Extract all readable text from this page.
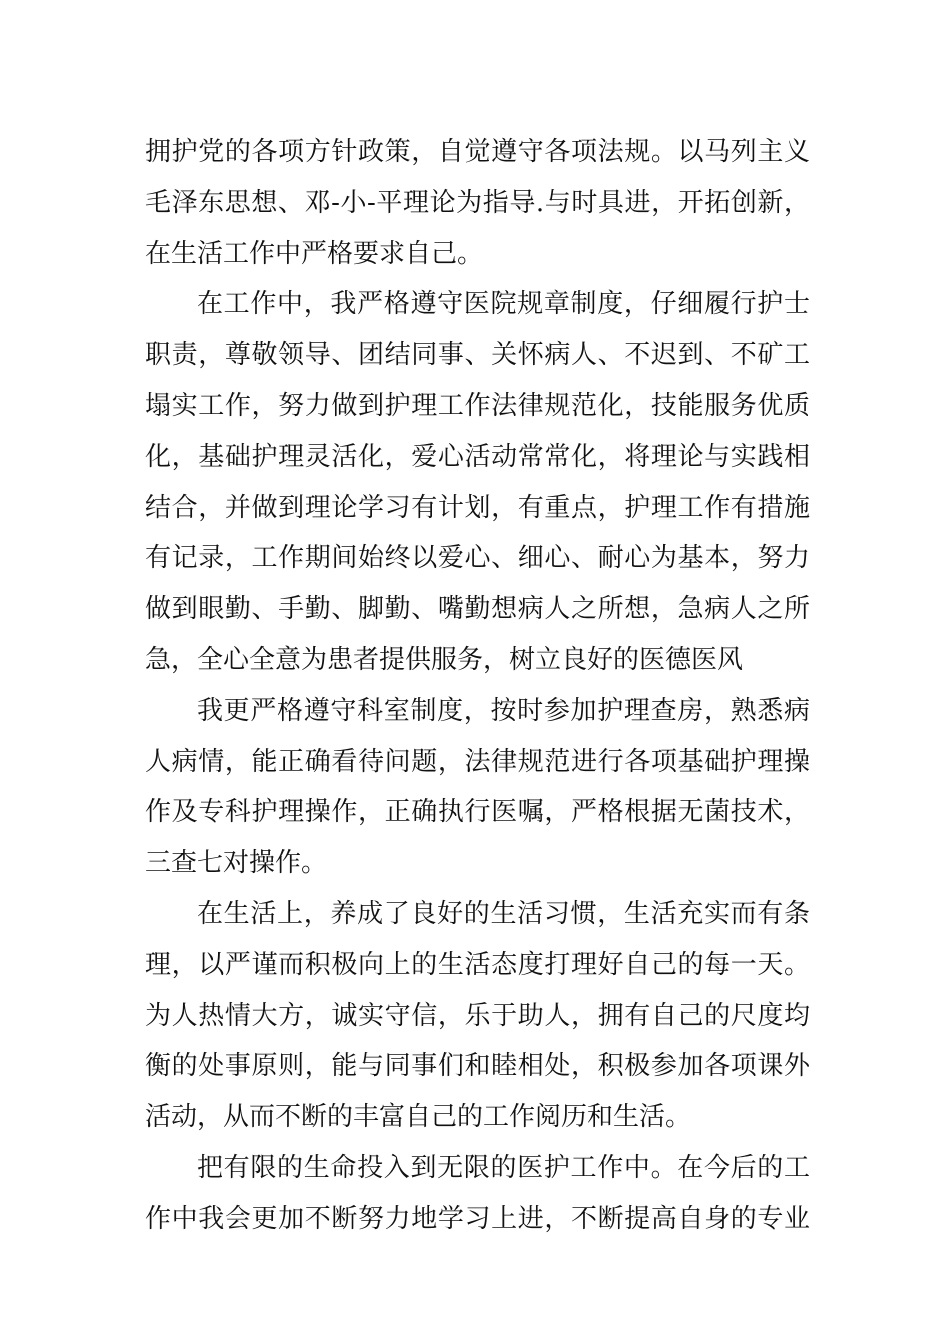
拥护党的各项方针政策，自觉遵守各项法规。以马列主义
毛泽东思想、邓-小-平理论为指导.与时具进，开拓创新，
在生活工作中严格要求自己。
在工作中，我严格遵守医院规章制度，仔细履行护士
职责，尊敬领导、团结同事、关怀病人、不迟到、不矿工
塌实工作，努力做到护理工作法律规范化，技能服务优质
化，基础护理灵活化，爱心活动常常化，将理论与实践相
结合，并做到理论学习有计划，有重点，护理工作有措施
有记录，工作期间始终以爱心、细心、耐心为基本，努力
做到眼勤、手勤、脚勤、嘴勤想病人之所想，急病人之所
急，全心全意为患者提供服务，树立良好的医德医风
我更严格遵守科室制度，按时参加护理查房，熟悉病
人病情，能正确看待问题，法律规范进行各项基础护理操
作及专科护理操作，正确执行医嘱，严格根据无菌技术，
三查七对操作。
在生活上，养成了良好的生活习惯，生活充实而有条
理，以严谨而积极向上的生活态度打理好自己的每一天。
为人热情大方，诚实守信，乐于助人，拥有自己的尺度均
衡的处事原则，能与同事们和睦相处，积极参加各项课外
活动，从而不断的丰富自己的工作阅历和生活。
把有限的生命投入到无限的医护工作中。在今后的工
作中我会更加不断努力地学习上进，不断提高自身的专业
